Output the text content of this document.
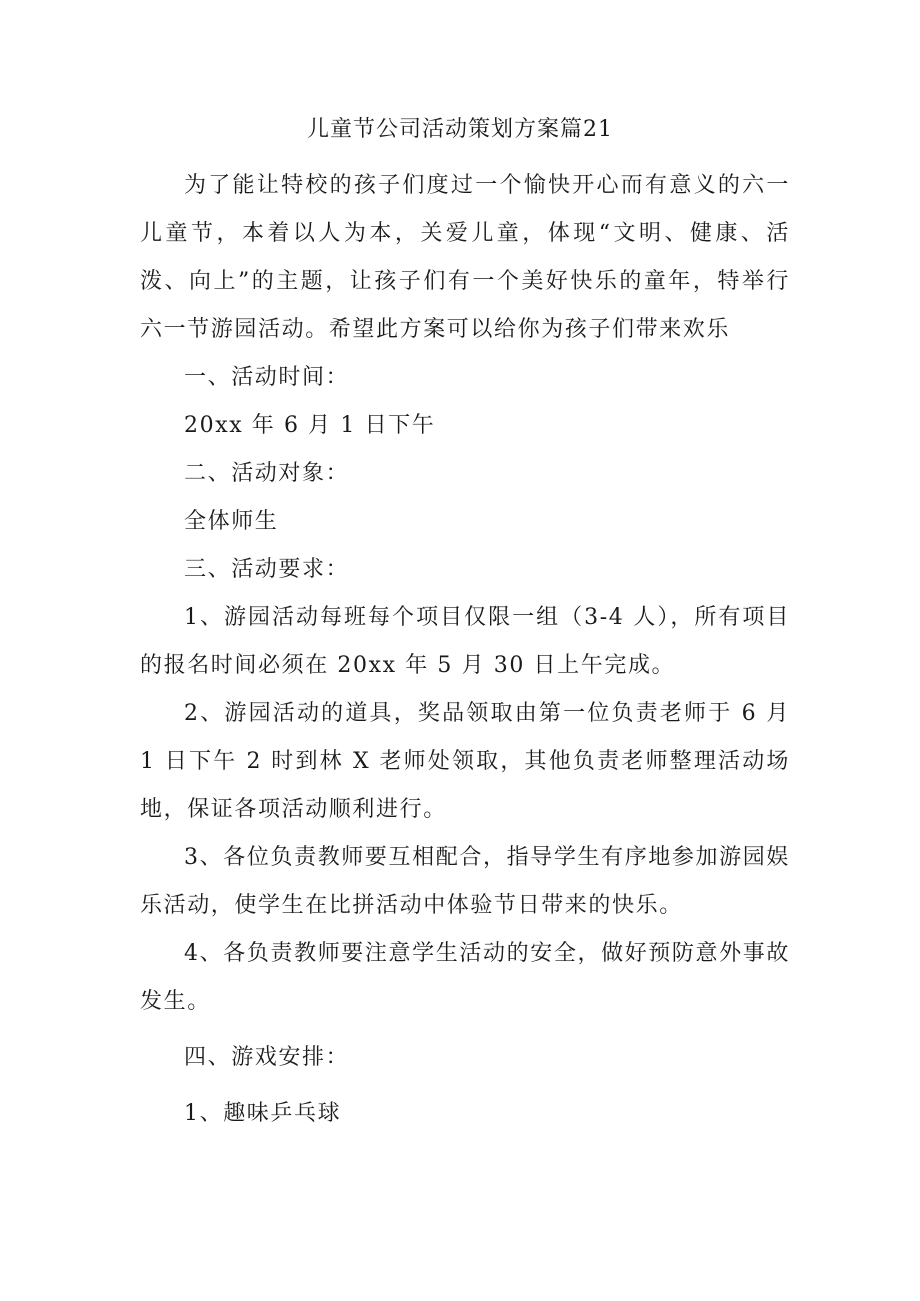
儿童节公司活动策划方案篇21

为了能让特校的孩子们度过一个愉快开心而有意义的六一儿童节，本着以人为本，关爱儿童，体现“文明、健康、活泼、向上”的主题，让孩子们有一个美好快乐的童年，特举行六一节游园活动。希望此方案可以给你为孩子们带来欢乐

一、活动时间：

20xx 年 6 月 1 日下午

二、活动对象：

全体师生

三、活动要求：

1、游园活动每班每个项目仅限一组（3-4 人），所有项目的报名时间必须在 20xx 年 5 月 30 日上午完成。

2、游园活动的道具，奖品领取由第一位负责老师于 6 月 1 日下午 2 时到林 X 老师处领取，其他负责老师整理活动场地，保证各项活动顺利进行。

3、各位负责教师要互相配合，指导学生有序地参加游园娱乐活动，使学生在比拼活动中体验节日带来的快乐。

4、各负责教师要注意学生活动的安全，做好预防意外事故发生。

四、游戏安排：

1、趣味乒乓球
